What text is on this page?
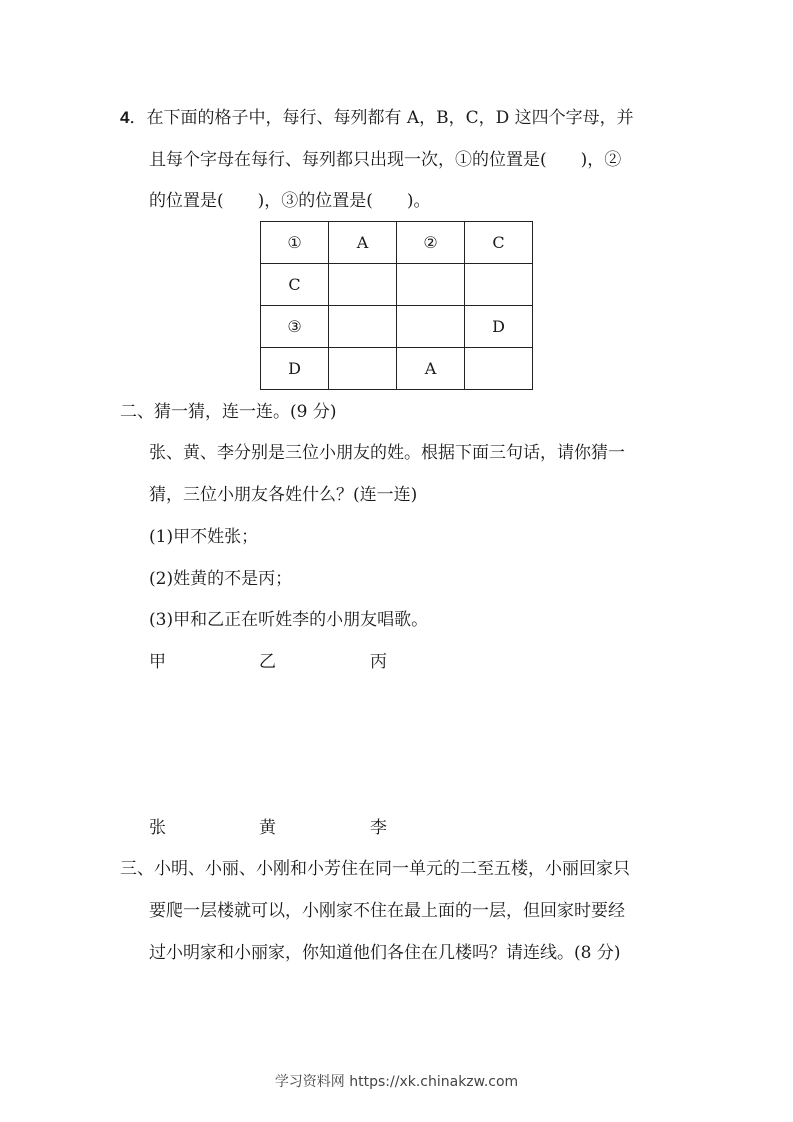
4．在下面的格子中，每行、每列都有 A，B，C，D 这四个字母，并
且每个字母在每行、每列都只出现一次，①的位置是(　　)，②
的位置是(　　)，③的位置是(　　)。
①	A	②	C
C			
③			D
D		A	
二、猜一猜，连一连。(9 分)
张、黄、李分别是三位小朋友的姓。根据下面三句话，请你猜一
猜，三位小朋友各姓什么？(连一连)
(1)甲不姓张；
(2)姓黄的不是丙；
(3)甲和乙正在听姓李的小朋友唱歌。
甲	乙	丙
张	黄	李
三、小明、小丽、小刚和小芳住在同一单元的二至五楼，小丽回家只
要爬一层楼就可以，小刚家不住在最上面的一层，但回家时要经
过小明家和小丽家，你知道他们各住在几楼吗？请连线。(8 分)
学习资料网 https://xk.chinakzw.com
